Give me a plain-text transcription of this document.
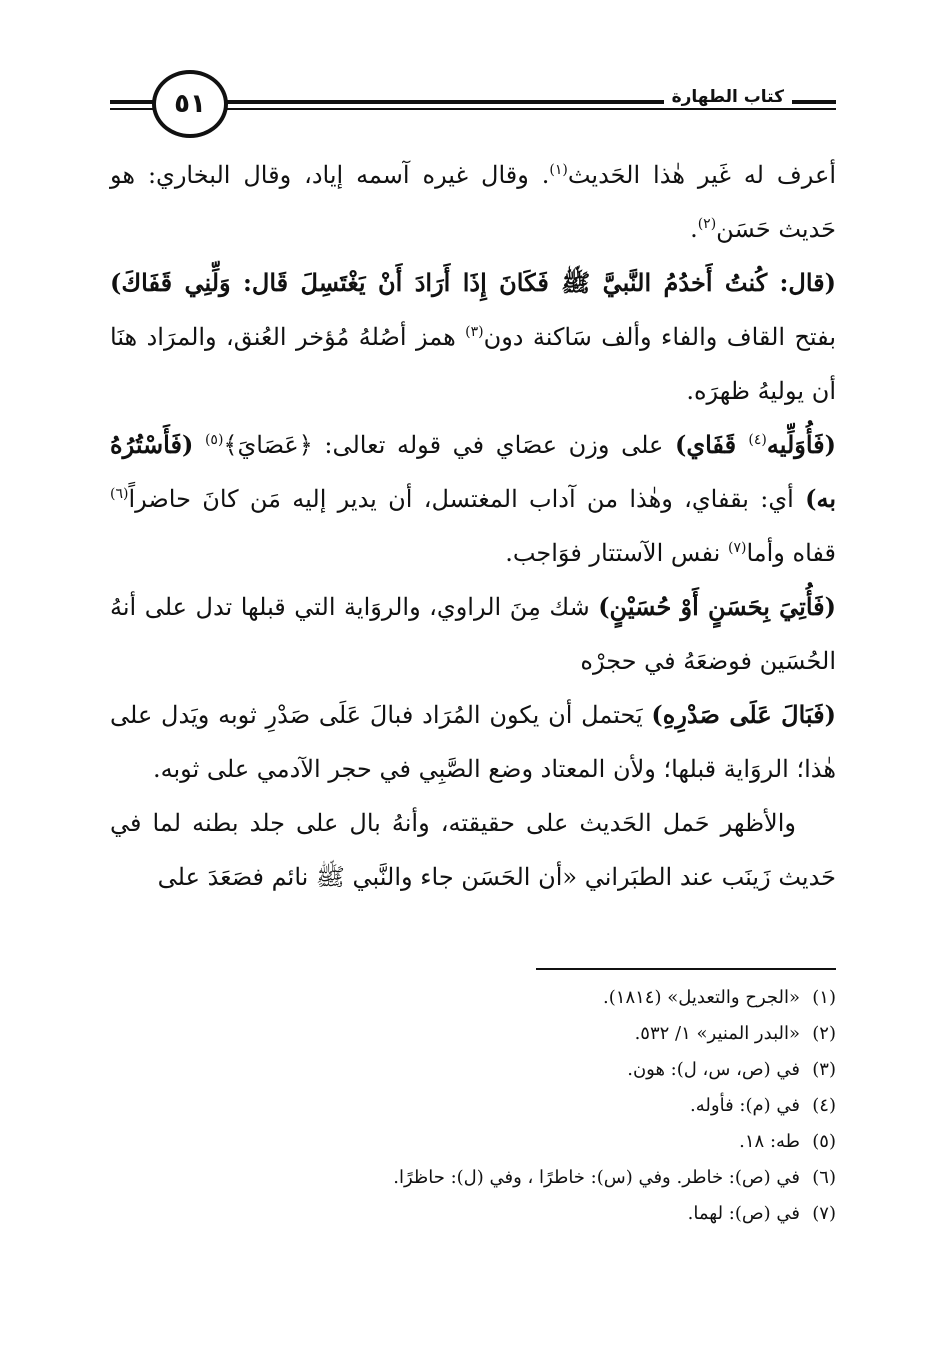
٥١	كتاب الطهارة

أعرف له غَير هٰذا الحَديث$^{(١)}$. وقال غيره آسمه إياد، وقال البخاري: هو حَديث حَسَن$^{(٢)}$.

(قال: كُنتُ أَخدُمُ النَّبيَّ ﷺ فَكَانَ إِذَا أَرَادَ أَنْ يَغْتَسِلَ قَال: وَلِّنِي قَفَاكَ) بفتح القاف والفاء وألف سَاكنة دون$^{(٣)}$ همز أصُلهُ مُؤخر العُنق، والمرَاد هنَا أن يوليهُ ظهرَه.

(فَأُوَلِّيه$^{(٤)}$ قَفَاي) على وزن عصَاي في قوله تعالى: ﴿عَصَايَ﴾$^{(٥)}$ (فَأَسْتُرُهُ به) أي: بقفاي، وهٰذا من آداب المغتسل، أن يدير إليه مَن كانَ حاضراً$^{(٦)}$ قفاه وأما$^{(٧)}$ نفس الآستتار فوَاجب.

(فَأُتِيَ بِحَسَنٍ أَوْ حُسَيْنٍ) شك مِنَ الراوي، والروَاية التي قبلها تدل على أنهُ الحُسَين فوضعَهُ في حجرْه

(فَبَالَ عَلَى صَدْرِهِ) يَحتمل أن يكون المُرَاد فبالَ عَلَى صَدْرِ ثوبه ويَدل على هٰذا؛ الروَاية قبلها؛ ولأن المعتاد وضع الصَّبِي في حجر الآدمي على ثوبه.

والأظهر حَمل الحَديث على حقيقته، وأنهُ بال على جلد بطنه لما في حَديث زَينَب عند الطبَراني «أن الحَسَن جاء والنَّبي ﷺ نائم فصَعَدَ على

(١)
«الجرح والتعديل» (١٨١٤).
(٢)
«البدر المنير» ١/ ٥٣٢.
(٣)
في (ص، س، ل): هون.
(٤)
في (م): فأوله.
(٥)
طه: ١٨.
(٦)
في (ص): خاطر. وفي (س): خاطرًا ، وفي (ل): حاظرًا.
(٧)
في (ص): لهما.
